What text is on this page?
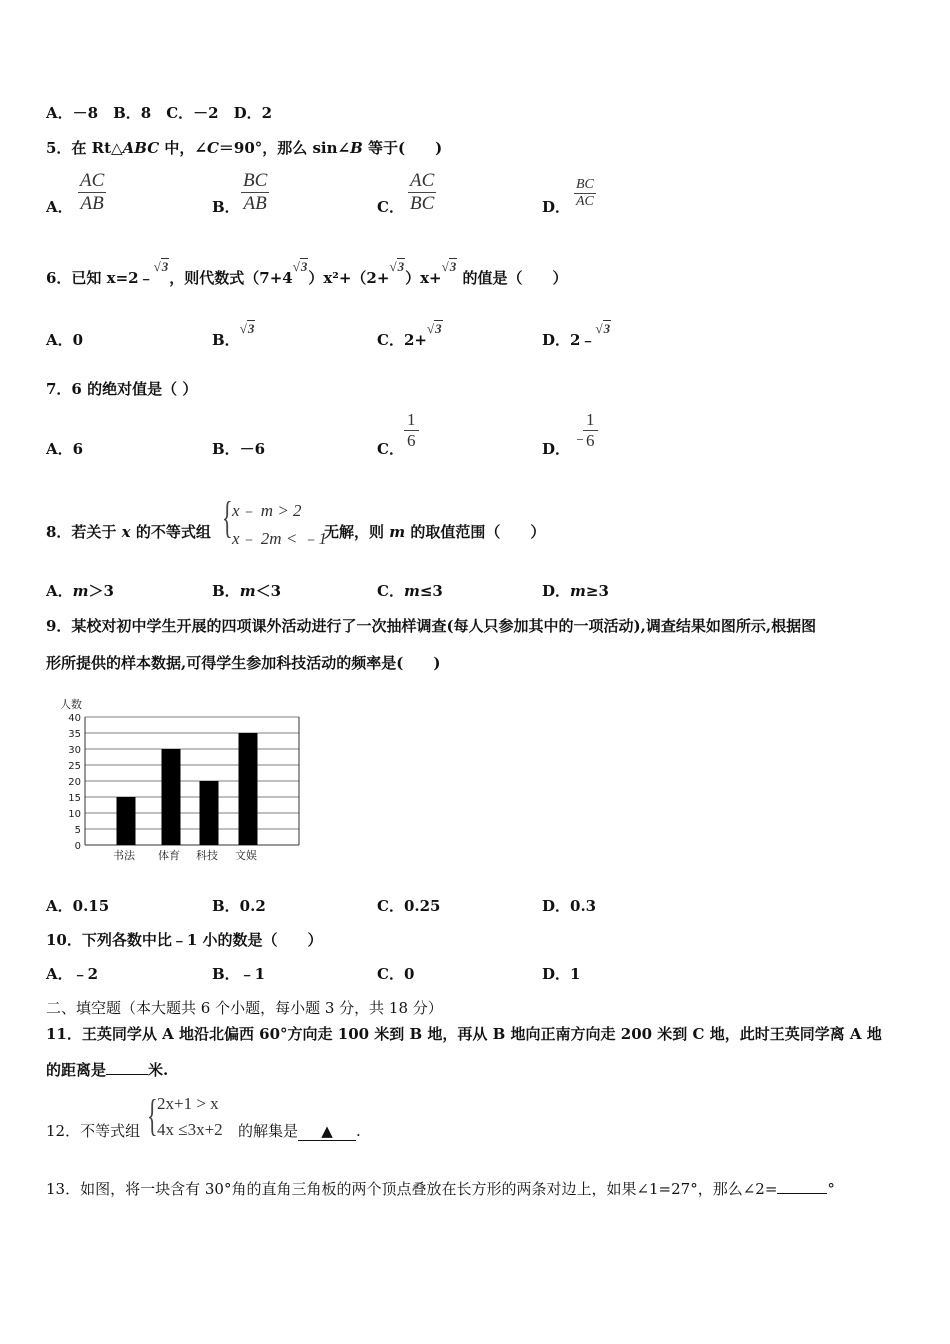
A．－8　B．8　C．－2　D．2
5．在 Rt△ABC 中，∠C＝90°，那么 sin∠B 等于(　　)
A． $\frac{AC}{AB}$	B． $\frac{BC}{AB}$	C． $\frac{AC}{BC}$	D． $\frac{BC}{AC}$
6．已知 x=2﹣√3，则代数式（7+4√3）x²+（2+√3）x+√3 的值是（　　）
A．0	B．√3
C．2+√3
D．2﹣√3
7．6 的绝对值是（ ）
A．6	B．－6	C． $\frac{1}{6}$	D．
﹣
$\frac{1}{6}$
8．若关于 x 的不等式组 { x﹣ m > 2
x﹣ 2m < ﹣1
无解，则 m 的取值范围（　　）
A．m＞3	B．m＜3	C．m≤3	D．m≥3
9．某校对初中学生开展的四项课外活动进行了一次抽样调查(每人只参加其中的一项活动),调查结果如图所示,根据图
形所提供的样本数据,可得学生参加科技活动的频率是(　　)
人数
0
5
10
15
20
25
30
35
40
书法 体育 科技 文娱
A．0.15	B．0.2	C．0.25	D．0.3
10．下列各数中比﹣1 小的数是（　　）
A．﹣2	B．﹣1	C．0	D．1
二、填空题（本大题共 6 个小题，每小题 3 分，共 18 分）
11．王英同学从 A 地沿北偏西 60°方向走 100 米到 B 地，再从 B 地向正南方向走 200 米到 C 地，此时王英同学离 A 地
的距离是	米.
12．不等式组 { 2x+1 > x
4x ≤3x+2 的解集是 ▲ .
13．如图，将一块含有 30°角的直角三角板的两个顶点叠放在长方形的两条对边上，如果∠1=27°，那么∠2=	°
